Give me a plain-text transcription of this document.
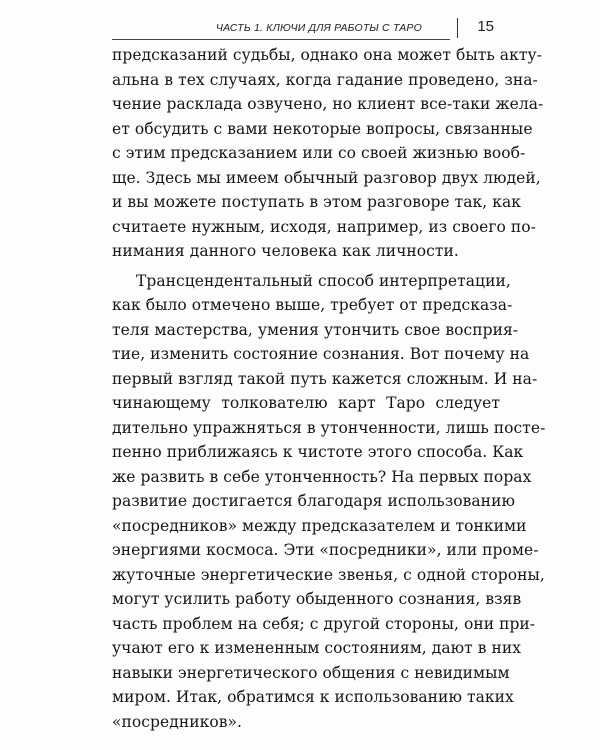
ЧАСТЬ 1. КЛЮЧИ ДЛЯ РАБОТЫ С ТАРО	15
предсказаний судьбы, однако она может быть акту-
альна в тех случаях, когда гадание проведено, зна-
чение расклада озвучено, но клиент все-таки жела-
ет обсудить с вами некоторые вопросы, связанные
с этим предсказанием или со своей жизнью вооб-
ще. Здесь мы имеем обычный разговор двух людей,
и вы можете поступать в этом разговоре так, как
считаете нужным, исходя, например, из своего по-
нимания данного человека как личности.
Трансцендентальный способ интерпретации,
как было отмечено выше, требует от предсказа-
теля мастерства, умения утончить свое восприя-
тие, изменить состояние сознания. Вот почему на
первый взгляд такой путь кажется сложным. И на-
чинающему толкователю карт Таро следует
дительно упражняться в утонченности, лишь посте-
пенно приближаясь к чистоте этого способа. Как
же развить в себе утонченность? На первых порах
развитие достигается благодаря использованию
«посредников» между предсказателем и тонкими
энергиями космоса. Эти «посредники», или проме-
жуточные энергетические звенья, с одной стороны,
могут усилить работу обыденного сознания, взяв
часть проблем на себя; с другой стороны, они при-
учают его к измененным состояниям, дают в них
навыки энергетического общения с невидимым
миром. Итак, обратимся к использованию таких
«посредников».
